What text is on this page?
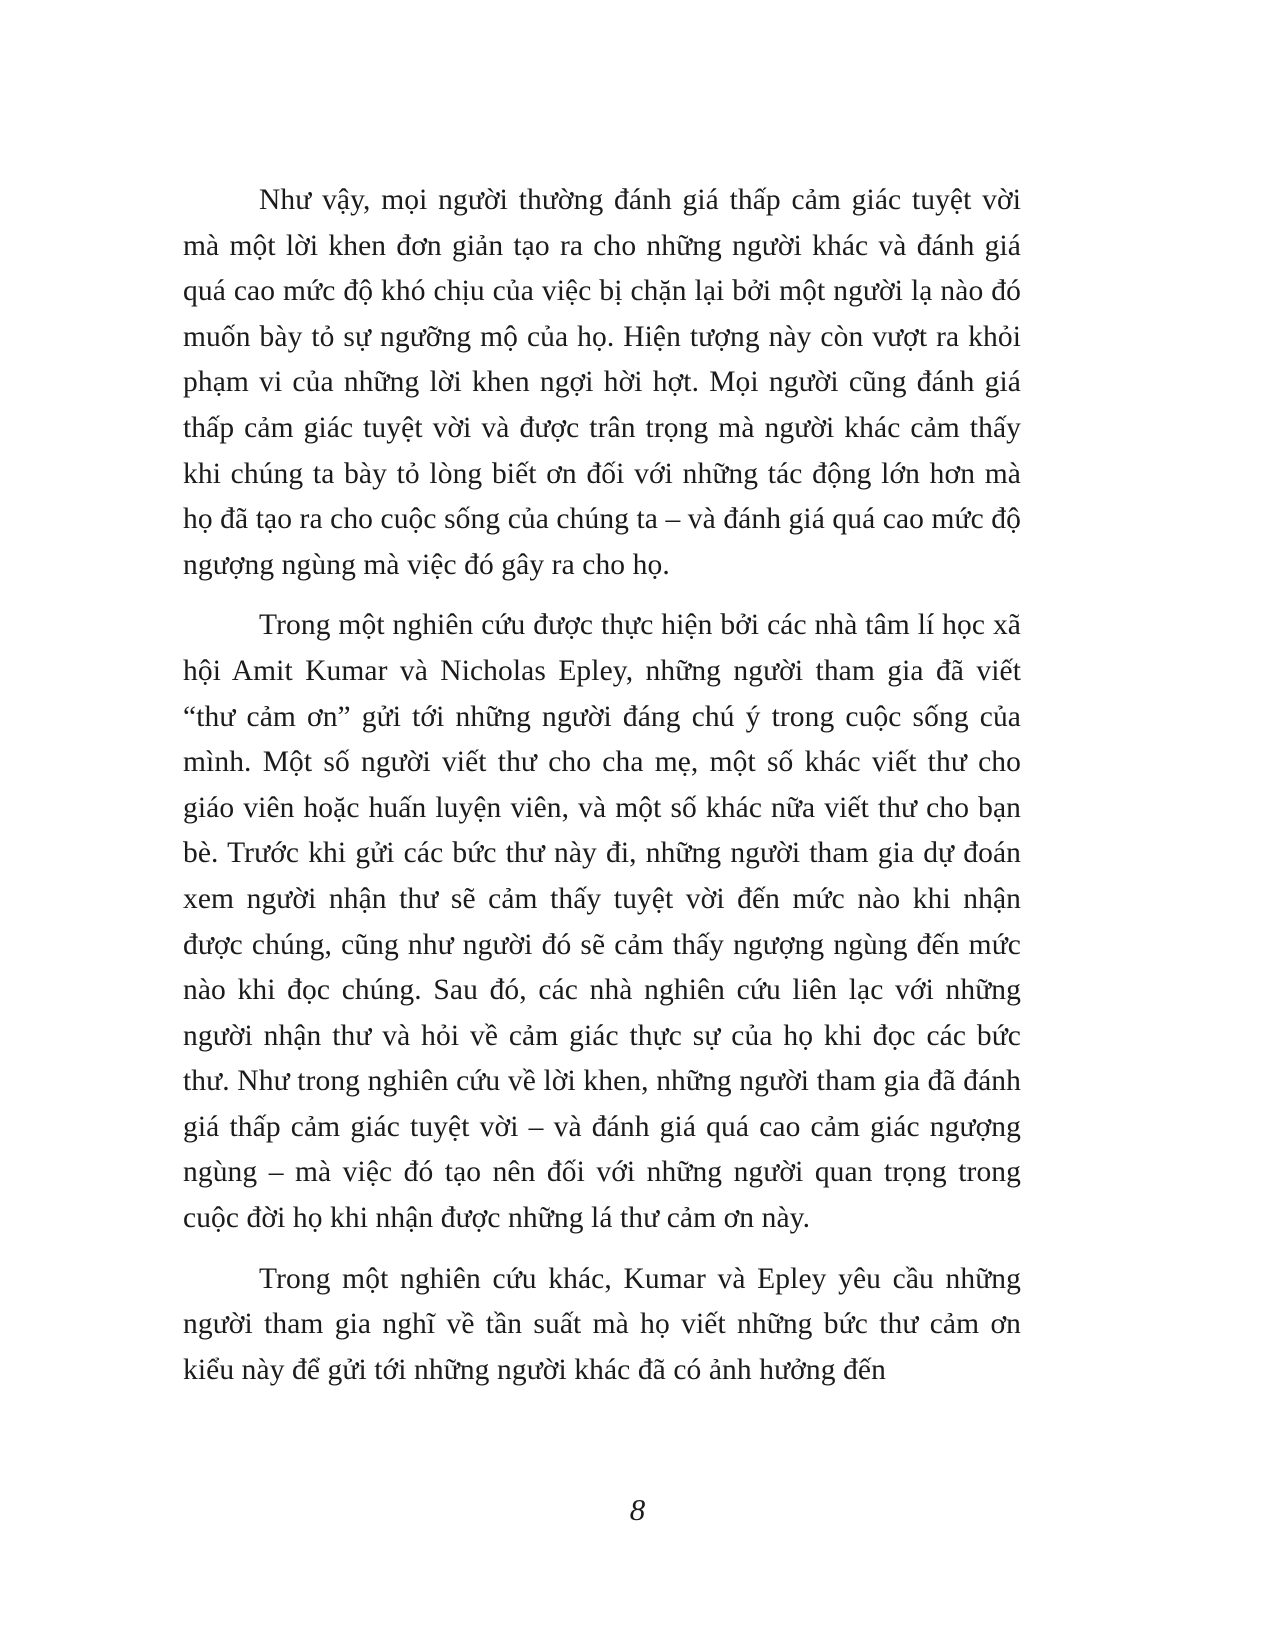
Như vậy, mọi người thường đánh giá thấp cảm giác tuyệt vời mà một lời khen đơn giản tạo ra cho những người khác và đánh giá quá cao mức độ khó chịu của việc bị chặn lại bởi một người lạ nào đó muốn bày tỏ sự ngưỡng mộ của họ. Hiện tượng này còn vượt ra khỏi phạm vi của những lời khen ngợi hời hợt. Mọi người cũng đánh giá thấp cảm giác tuyệt vời và được trân trọng mà người khác cảm thấy khi chúng ta bày tỏ lòng biết ơn đối với những tác động lớn hơn mà họ đã tạo ra cho cuộc sống của chúng ta – và đánh giá quá cao mức độ ngượng ngùng mà việc đó gây ra cho họ.

Trong một nghiên cứu được thực hiện bởi các nhà tâm lí học xã hội Amit Kumar và Nicholas Epley, những người tham gia đã viết “thư cảm ơn” gửi tới những người đáng chú ý trong cuộc sống của mình. Một số người viết thư cho cha mẹ, một số khác viết thư cho giáo viên hoặc huấn luyện viên, và một số khác nữa viết thư cho bạn bè. Trước khi gửi các bức thư này đi, những người tham gia dự đoán xem người nhận thư sẽ cảm thấy tuyệt vời đến mức nào khi nhận được chúng, cũng như người đó sẽ cảm thấy ngượng ngùng đến mức nào khi đọc chúng. Sau đó, các nhà nghiên cứu liên lạc với những người nhận thư và hỏi về cảm giác thực sự của họ khi đọc các bức thư. Như trong nghiên cứu về lời khen, những người tham gia đã đánh giá thấp cảm giác tuyệt vời – và đánh giá quá cao cảm giác ngượng ngùng – mà việc đó tạo nên đối với những người quan trọng trong cuộc đời họ khi nhận được những lá thư cảm ơn này.

Trong một nghiên cứu khác, Kumar và Epley yêu cầu những người tham gia nghĩ về tần suất mà họ viết những bức thư cảm ơn kiểu này để gửi tới những người khác đã có ảnh hưởng đến

8
